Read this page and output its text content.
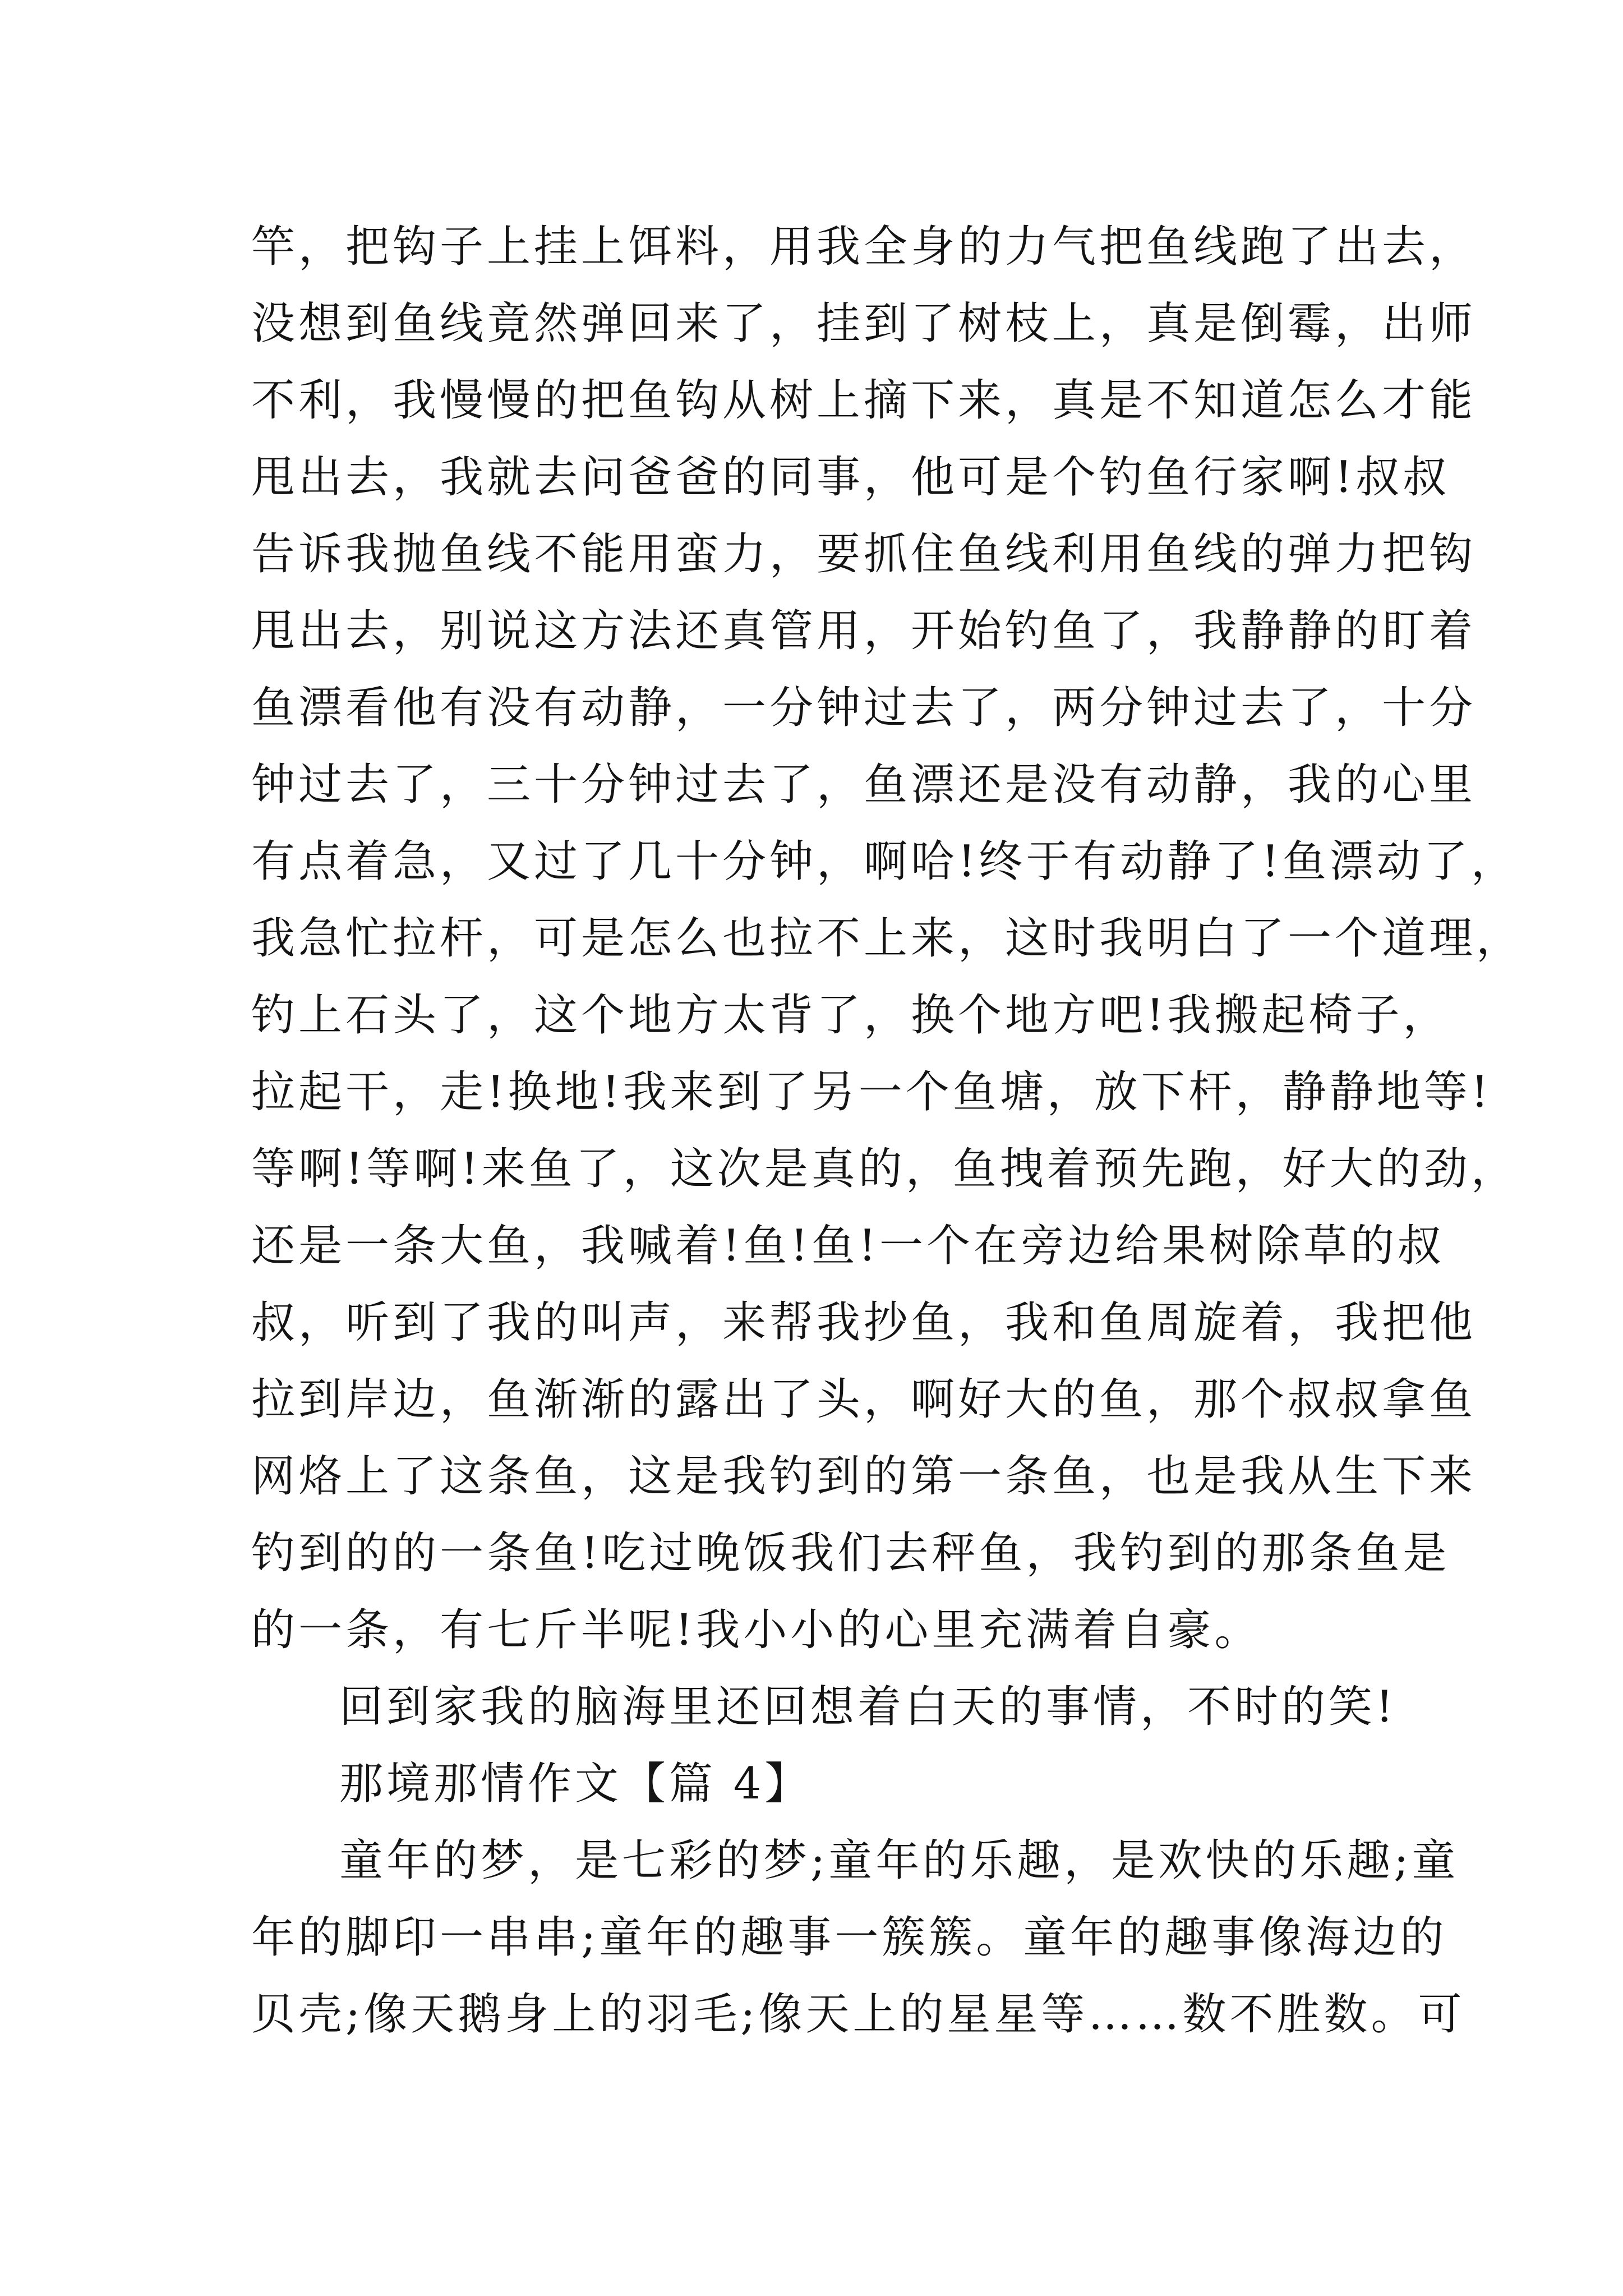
竿，把钩子上挂上饵料，用我全身的力气把鱼线跑了出去，
没想到鱼线竟然弹回来了，挂到了树枝上，真是倒霉，出师
不利，我慢慢的把鱼钩从树上摘下来，真是不知道怎么才能
甩出去，我就去问爸爸的同事，他可是个钓鱼行家啊!叔叔
告诉我抛鱼线不能用蛮力，要抓住鱼线利用鱼线的弹力把钩
甩出去，别说这方法还真管用，开始钓鱼了，我静静的盯着
鱼漂看他有没有动静，一分钟过去了，两分钟过去了，十分
钟过去了，三十分钟过去了，鱼漂还是没有动静，我的心里
有点着急，又过了几十分钟，啊哈!终于有动静了!鱼漂动了，
我急忙拉杆，可是怎么也拉不上来，这时我明白了一个道理，
钓上石头了，这个地方太背了，换个地方吧!我搬起椅子，
拉起干，走!换地!我来到了另一个鱼塘，放下杆，静静地等!
等啊!等啊!来鱼了，这次是真的，鱼拽着预先跑，好大的劲，
还是一条大鱼，我喊着!鱼!鱼!一个在旁边给果树除草的叔
叔，听到了我的叫声，来帮我抄鱼，我和鱼周旋着，我把他
拉到岸边，鱼渐渐的露出了头，啊好大的鱼，那个叔叔拿鱼
网烙上了这条鱼，这是我钓到的第一条鱼，也是我从生下来
钓到的的一条鱼!吃过晚饭我们去秤鱼，我钓到的那条鱼是
的一条，有七斤半呢!我小小的心里充满着自豪。
回到家我的脑海里还回想着白天的事情，不时的笑!
那境那情作文【篇 4】
童年的梦，是七彩的梦;童年的乐趣，是欢快的乐趣;童
年的脚印一串串;童年的趣事一簇簇。童年的趣事像海边的
贝壳;像天鹅身上的羽毛;像天上的星星等……数不胜数。可
